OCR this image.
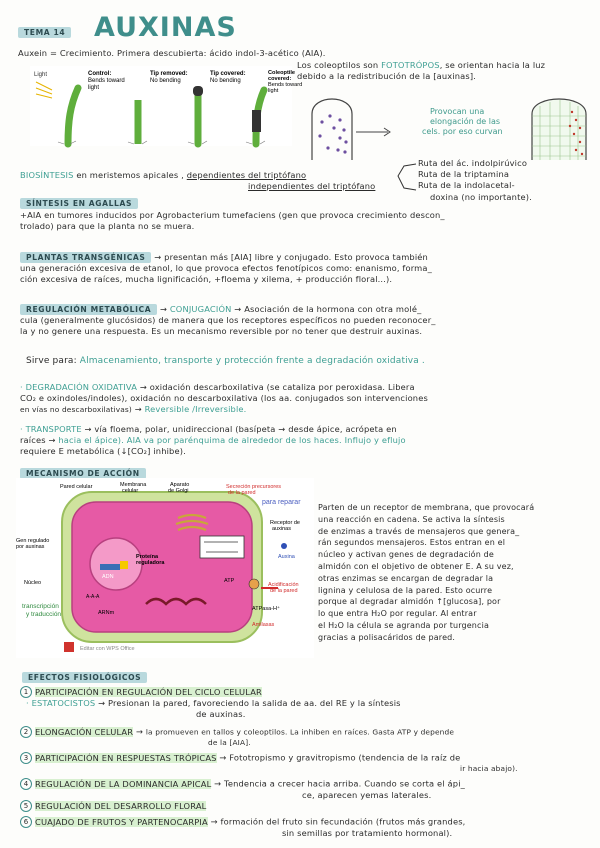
TEMA 14 AUXINAS
Auxein = Crecimiento. Primera descubierta: ácido indol-3-acético (AIA).
Light	Control:
Bends toward
light
Tip removed:
No bending
Tip covered:
No bending
Coleoptile
covered:
Bends toward
light
Los coleoptilos son FOTOTRÓPOS, se orientan hacia la luz
debido a la redistribución de la [auxinas].
Provocan una
elongación de las
cels. por eso curvan
BIOSÍNTESIS en meristemos apicales , dependientes del triptófano
independientes del triptófano
Ruta del ác. indolpirúvico
Ruta de la triptamina
Ruta de la indolacetal-
doxina (no importante).
SÍNTESIS EN AGALLAS
+AIA en tumores inducidos por Agrobacterium tumefaciens (gen que provoca crecimiento descon_
trolado) para que la planta no se muera.
PLANTAS TRANSGÉNICAS → presentan más [AIA] libre y conjugado. Esto provoca también
una generación excesiva de etanol, lo que provoca efectos fenotípicos como: enanismo, forma_
ción excesiva de raíces, mucha lignificación, +floema y xilema, + producción floral...).
REGULACIÓN METABÓLICA → CONJUGACIÓN → Asociación de la hormona con otra molé_
cula (generalmente glucósidos) de manera que los receptores específicos no pueden reconocer_
la y no genere una respuesta. Es un mecanismo reversible por no tener que destruir auxinas.
Sirve para: Almacenamiento, transporte y protección frente a degradación oxidativa .
· DEGRADACIÓN OXIDATIVA → oxidación descarboxilativa (se cataliza por peroxidasa. Libera
CO₂ e oxindoles/indoles), oxidación no descarboxilativa (los aa. conjugados son intervenciones
en vías no descarboxilativas) → Reversible /Irreversible.
· TRANSPORTE → vía floema, polar, unidireccional (basípeta → desde ápice, acrópeta en
raíces → hacia el ápice). AIA va por parénquima de alrededor de los haces. Influjo y eflujo
requiere E metabólica (↓[CO₂] inhibe).
MECANISMO DE ACCIÓN
Pared celular	Membrana
celular
Aparato
de Golgi
Secreción precursores
de la pared
para reparar
Receptor de
auxinas
Gen regulado
por auxinas
Proteína
reguladora
Auxina
Núcleo
ADN
ATP
Acidificación
de la pared
A-A-A
ARNm
ATPasa-H⁺
Amilasas
transcripción
y traducción
Editar con WPS Office
Parten de un receptor de membrana, que provocará
una reacción en cadena. Se activa la síntesis
de enzimas a través de mensajeros que genera_
rán segundos mensajeros. Estos entran en el
núcleo y activan genes de degradación de
almidón con el objetivo de obtener E. A su vez,
otras enzimas se encargan de degradar la
lignina y celulosa de la pared. Esto ocurre
porque al degradar almidón ↑[glucosa], por
lo que entra H₂O por regular. Al entrar
el H₂O la célula se agranda por turgencia
gracias a polisacáridos de pared.
EFECTOS FISIOLÓGICOS
1 PARTICIPACIÓN EN REGULACIÓN DEL CICLO CELULAR
· ESTATOCISTOS → Presionan la pared, favoreciendo la salida de aa. del RE y la síntesis
de auxinas.
2 ELONGACIÓN CELULAR → la promueven en tallos y coleoptilos. La inhiben en raíces. Gasta ATP y depende
de la [AIA].
3 PARTICIPACIÓN EN RESPUESTAS TRÓPICAS → Fototropismo y gravitropismo (tendencia de la raíz de
ir hacia abajo).
4 REGULACIÓN DE LA DOMINANCIA APICAL → Tendencia a crecer hacia arriba. Cuando se corta el ápi_
ce, aparecen yemas laterales.
5 REGULACIÓN DEL DESARROLLO FLORAL
6 CUAJADO DE FRUTOS Y PARTENOCARPIA → formación del fruto sin fecundación (frutos más grandes,
sin semillas por tratamiento hormonal).
